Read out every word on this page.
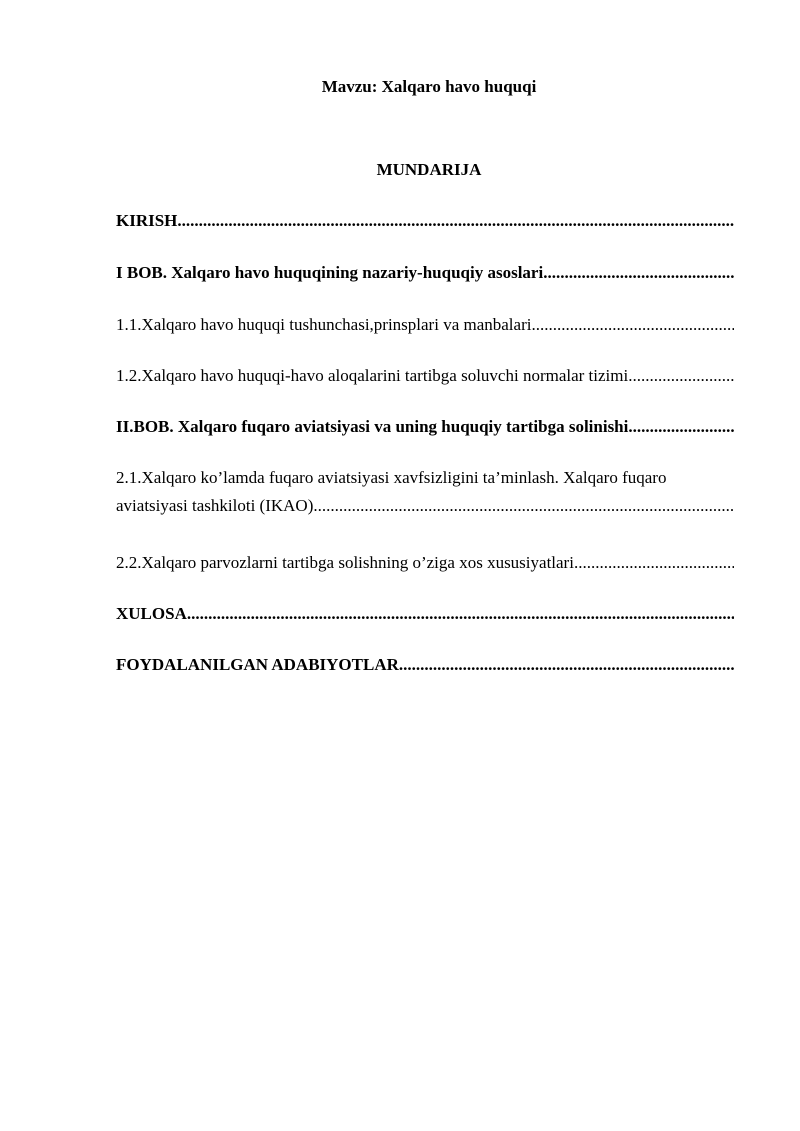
Mavzu: Xalqaro havo huquqi
MUNDARIJA
KIRISH
.....
I BOB. Xalqaro havo huquqining nazariy-huquqiy asoslari
.....
1.1.Xalqaro havo huquqi tushunchasi,prinsplari va manbalari
.....
1.2.Xalqaro havo huquqi-havo aloqalarini tartibga soluvchi normalar tizimi
.....
II.BOB. Xalqaro fuqaro aviatsiyasi va uning huquqiy tartibga solinishi
.....
2.1.Xalqaro ko’lamda fuqaro aviatsiyasi xavfsizligini ta’minlash. Xalqaro fuqaro
aviatsiyasi tashkiloti (IKAO)
.....
2.2.Xalqaro parvozlarni tartibga solishning o’ziga xos xususiyatlari
.....
XULOSA
.....
FOYDALANILGAN ADABIYOTLAR
.....
